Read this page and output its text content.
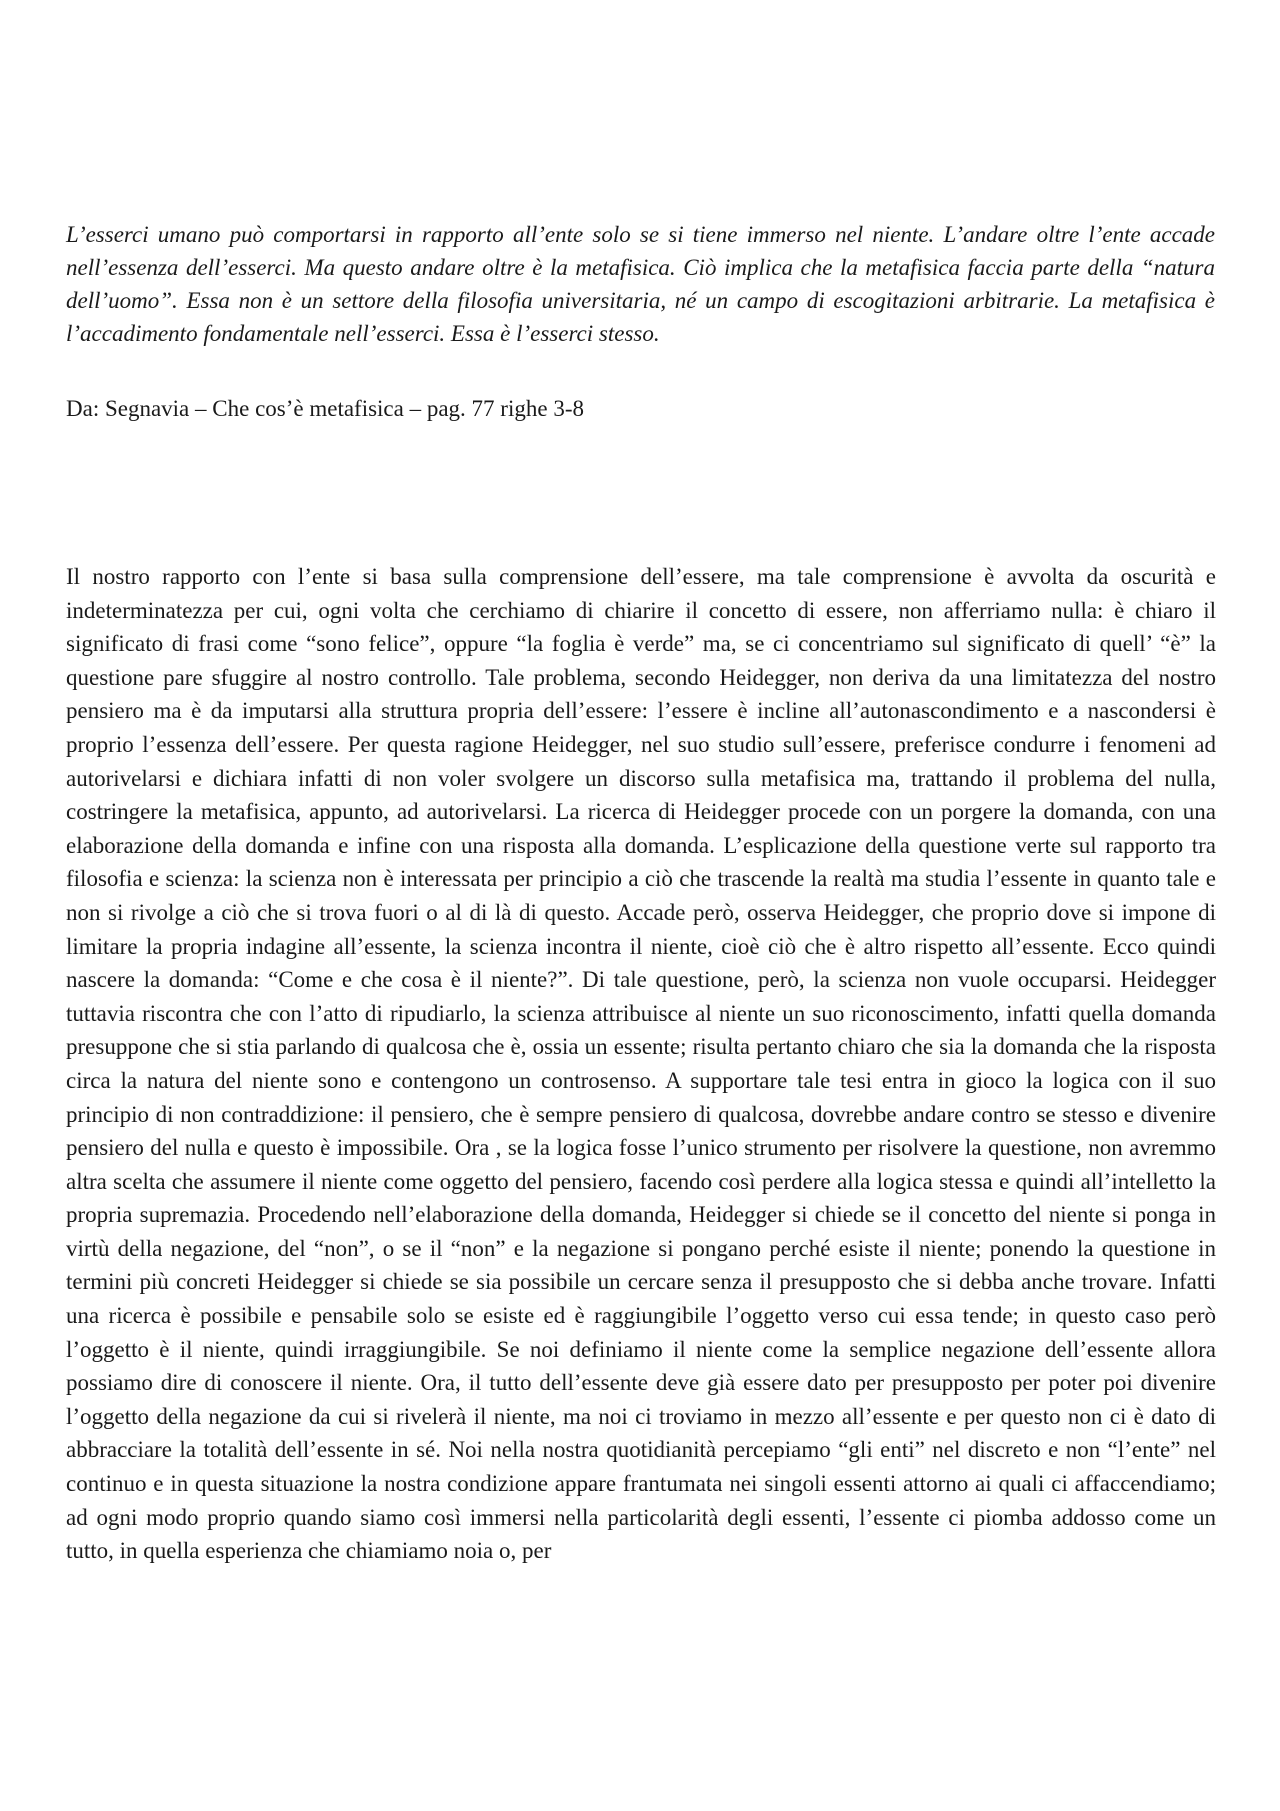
L’esserci umano può comportarsi in rapporto all’ente solo se si tiene immerso nel niente. L’andare oltre l’ente accade nell’essenza dell’esserci. Ma questo andare oltre è la metafisica. Ciò implica che la metafisica faccia parte della “natura dell’uomo”. Essa non è un settore della filosofia universitaria, né un campo di escogitazioni arbitrarie. La metafisica è l’accadimento fondamentale nell’esserci. Essa è l’esserci stesso.

Da: Segnavia – Che cos’è metafisica – pag. 77 righe 3-8

Il nostro rapporto con l’ente si basa sulla comprensione dell’essere, ma tale comprensione è avvolta da oscurità e indeterminatezza per cui, ogni volta che cerchiamo di chiarire il concetto di essere, non afferriamo nulla: è chiaro il significato di frasi come “sono felice”, oppure “la foglia è verde” ma, se ci concentriamo sul significato di quell’ “è” la questione pare sfuggire al nostro controllo. Tale problema, secondo Heidegger, non deriva da una limitatezza del nostro pensiero ma è da imputarsi alla struttura propria dell’essere: l’essere è incline all’autonascondimento e a nascondersi è proprio l’essenza dell’essere. Per questa ragione Heidegger, nel suo studio sull’essere, preferisce condurre i fenomeni ad autorivelarsi e dichiara infatti di non voler svolgere un discorso sulla metafisica ma, trattando il problema del nulla, costringere la metafisica, appunto, ad autorivelarsi. La ricerca di Heidegger procede con un porgere la domanda, con una elaborazione della domanda e infine con una risposta alla domanda. L’esplicazione della questione verte sul rapporto tra filosofia e scienza: la scienza non è interessata per principio a ciò che trascende la realtà ma studia l’essente in quanto tale e non si rivolge a ciò che si trova fuori o al di là di questo. Accade però, osserva Heidegger, che proprio dove si impone di limitare la propria indagine all’essente, la scienza incontra il niente, cioè ciò che è altro rispetto all’essente. Ecco quindi nascere la domanda: “Come e che cosa è il niente?”. Di tale questione, però, la scienza non vuole occuparsi. Heidegger tuttavia riscontra che con l’atto di ripudiarlo, la scienza attribuisce al niente un suo riconoscimento, infatti quella domanda presuppone che si stia parlando di qualcosa che è, ossia un essente; risulta pertanto chiaro che sia la domanda che la risposta circa la natura del niente sono e contengono un controsenso. A supportare tale tesi entra in gioco la logica con il suo principio di non contraddizione: il pensiero, che è sempre pensiero di qualcosa, dovrebbe andare contro se stesso e divenire pensiero del nulla e questo è impossibile. Ora , se la logica fosse l’unico strumento per risolvere la questione, non avremmo altra scelta che assumere il niente come oggetto del pensiero, facendo così perdere alla logica stessa e quindi all’intelletto la propria supremazia. Procedendo nell’elaborazione della domanda, Heidegger si chiede se il concetto del niente si ponga in virtù della negazione, del “non”, o se il “non” e la negazione si pongano perché esiste il niente; ponendo la questione in termini più concreti Heidegger si chiede se sia possibile un cercare senza il presupposto che si debba anche trovare. Infatti una ricerca è possibile e pensabile solo se esiste ed è raggiungibile l’oggetto verso cui essa tende; in questo caso però l’oggetto è il niente, quindi irraggiungibile. Se noi definiamo il niente come la semplice negazione dell’essente allora possiamo dire di conoscere il niente. Ora, il tutto dell’essente deve già essere dato per presupposto per poter poi divenire l’oggetto della negazione da cui si rivelerà il niente, ma noi ci troviamo in mezzo all’essente e per questo non ci è dato di abbracciare la totalità dell’essente in sé. Noi nella nostra quotidianità percepiamo “gli enti” nel discreto e non “l’ente” nel continuo e in questa situazione la nostra condizione appare frantumata nei singoli essenti attorno ai quali ci affaccendiamo; ad ogni modo proprio quando siamo così immersi nella particolarità degli essenti, l’essente ci piomba addosso come un tutto, in quella esperienza che chiamiamo noia o, per
